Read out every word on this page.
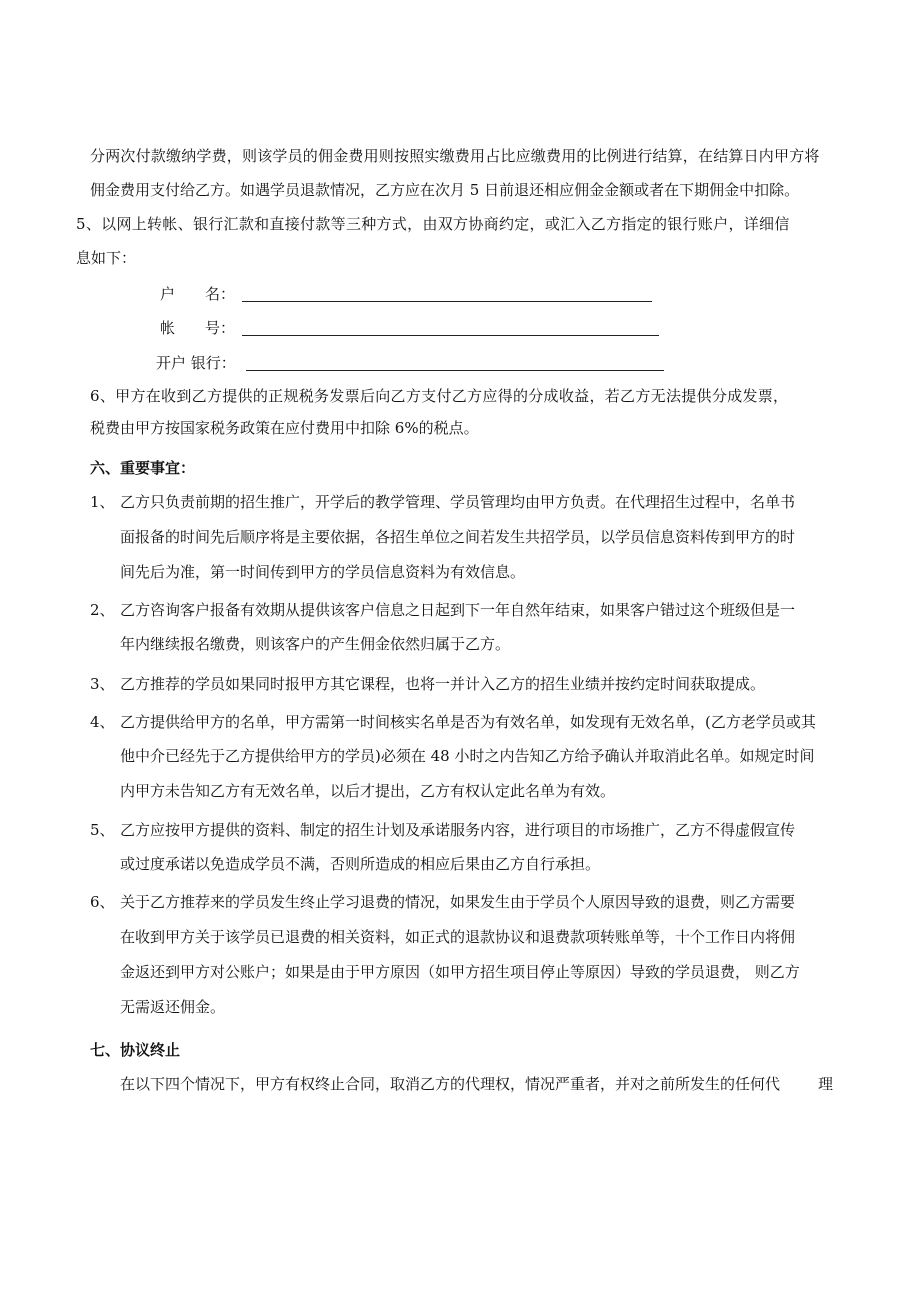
分两次付款缴纳学费，则该学员的佣金费用则按照实缴费用占比应缴费用的比例进行结算，在结算日内甲方将
佣金费用支付给乙方。如遇学员退款情况，乙方应在次月 5 日前退还相应佣金金额或者在下期佣金中扣除。
5、以网上转帐、银行汇款和直接付款等三种方式，由双方协商约定，或汇入乙方指定的银行账户，详细信
息如下：
户　　名：
帐　　号：
开户 银行：
6、甲方在收到乙方提供的正规税务发票后向乙方支付乙方应得的分成收益，若乙方无法提供分成发票，
税费由甲方按国家税务政策在应付费用中扣除 6%的税点。
六、重要事宜：
1、 乙方只负责前期的招生推广，开学后的教学管理、学员管理均由甲方负责。在代理招生过程中，名单书
面报备的时间先后顺序将是主要依据，各招生单位之间若发生共招学员，以学员信息资料传到甲方的时
间先后为准，第一时间传到甲方的学员信息资料为有效信息。
2、 乙方咨询客户报备有效期从提供该客户信息之日起到下一年自然年结束，如果客户错过这个班级但是一
年内继续报名缴费，则该客户的产生佣金依然归属于乙方。
3、 乙方推荐的学员如果同时报甲方其它课程，也将一并计入乙方的招生业绩并按约定时间获取提成。
4、 乙方提供给甲方的名单，甲方需第一时间核实名单是否为有效名单，如发现有无效名单，(乙方老学员或其
他中介已经先于乙方提供给甲方的学员)必须在 48 小时之内告知乙方给予确认并取消此名单。如规定时间
内甲方未告知乙方有无效名单，以后才提出，乙方有权认定此名单为有效。
5、 乙方应按甲方提供的资料、制定的招生计划及承诺服务内容，进行项目的市场推广，乙方不得虚假宣传
或过度承诺以免造成学员不满，否则所造成的相应后果由乙方自行承担。
6、 关于乙方推荐来的学员发生终止学习退费的情况，如果发生由于学员个人原因导致的退费，则乙方需要
在收到甲方关于该学员已退费的相关资料，如正式的退款协议和退费款项转账单等，十个工作日内将佣
金返还到甲方对公账户；如果是由于甲方原因（如甲方招生项目停止等原因）导致的学员退费， 则乙方
无需返还佣金。
七、协议终止
在以下四个情况下，甲方有权终止合同，取消乙方的代理权，情况严重者，并对之前所发生的任何代	理
